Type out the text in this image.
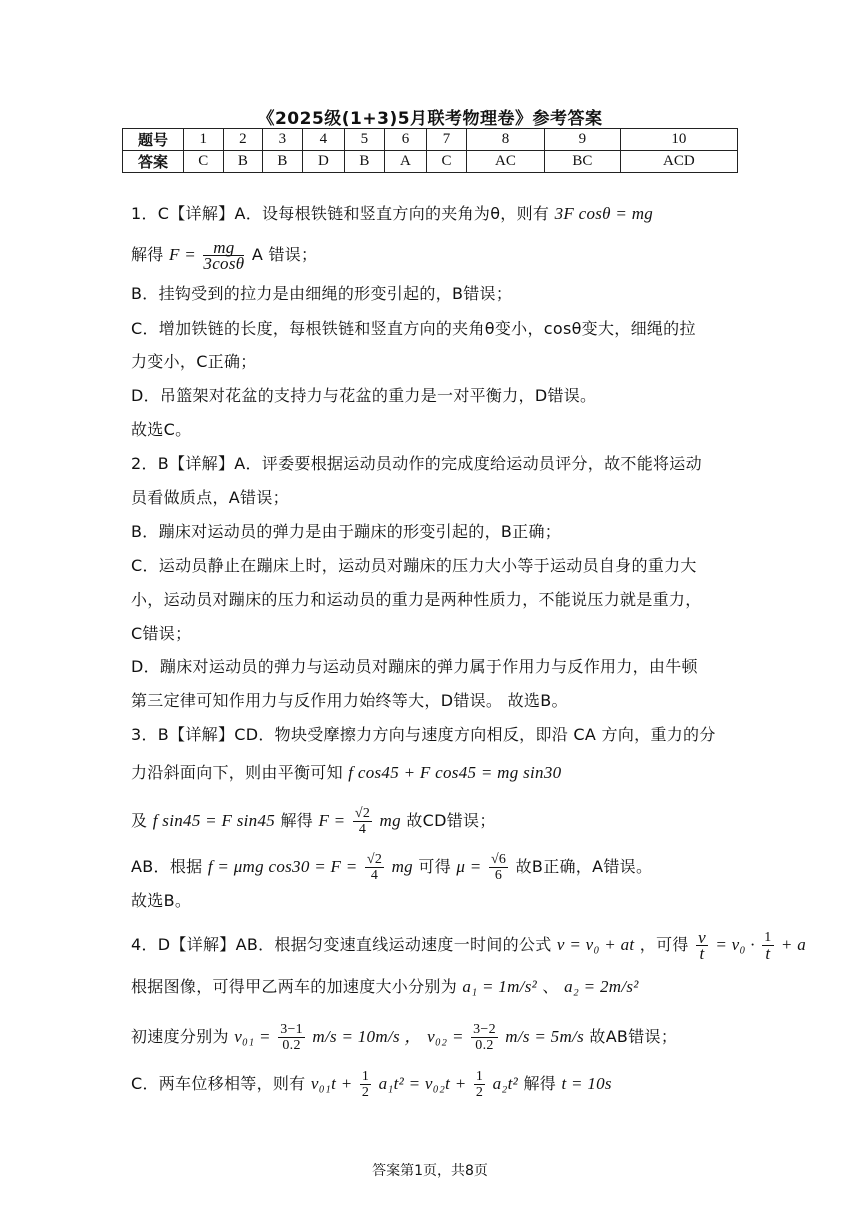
《2025级(1+3)5月联考物理卷》参考答案
题号	1	2	3	4	5	6	7	8	9	10
答案	C	B	B	D	B	A	C	AC	BC	ACD
1．C【详解】A．设每根铁链和竖直方向的夹角为θ，则有 3F cosθ = mg
解得 $F = \frac{mg}{3\cos\theta}$ A 错误；
B．挂钩受到的拉力是由细绳的形变引起的，B错误；
C．增加铁链的长度，每根铁链和竖直方向的夹角θ变小，cosθ变大，细绳的拉
力变小，C正确；
D．吊篮架对花盆的支持力与花盆的重力是一对平衡力，D错误。
故选C。
2．B【详解】A．评委要根据运动员动作的完成度给运动员评分，故不能将运动
员看做质点，A错误；
B．蹦床对运动员的弹力是由于蹦床的形变引起的，B正确；
C．运动员静止在蹦床上时，运动员对蹦床的压力大小等于运动员自身的重力大
小，运动员对蹦床的压力和运动员的重力是两种性质力，不能说压力就是重力，
C错误；
D．蹦床对运动员的弹力与运动员对蹦床的弹力属于作用力与反作用力，由牛顿
第三定律可知作用力与反作用力始终等大，D错误。 故选B。
3．B【详解】CD．物块受摩擦力方向与速度方向相反，即沿 CA 方向，重力的分
力沿斜面向下，则由平衡可知 f cos45 + F cos45 = mg sin30
及 f sin45 = F sin45 解得 $F = \frac{√2}{4}$ mg 故CD错误；
AB．根据 f = μmg $\cos 30 = F = \frac{√2}{4}$ mg 可得 $\mu = \frac{√6}{6}$ 故B正确，A错误。
故选B。
4．D【详解】AB．根据匀变速直线运动速度一时间的公式 v = v₀ + at ，可得 $\frac{v}{t} = v_0 \cdot \frac{1}{t} + a$
根据图像，可得甲乙两车的加速度大小分别为 a₁ = 1m/s² 、 a₂ = 2m/s²
初速度分别为 $v_{01} = \frac{3-1}{0.2} m/s = 10m/s$ ， $v_{02} = \frac{3-2}{0.2} m/s = 5m/s$ 故AB错误；
C．两车位移相等，则有 $v_{01}t + \frac{1}{2} a_1t^2 = v_{02}t + \frac{1}{2} a_2t^2$ 解得 t = 10s
答案第1页，共8页
